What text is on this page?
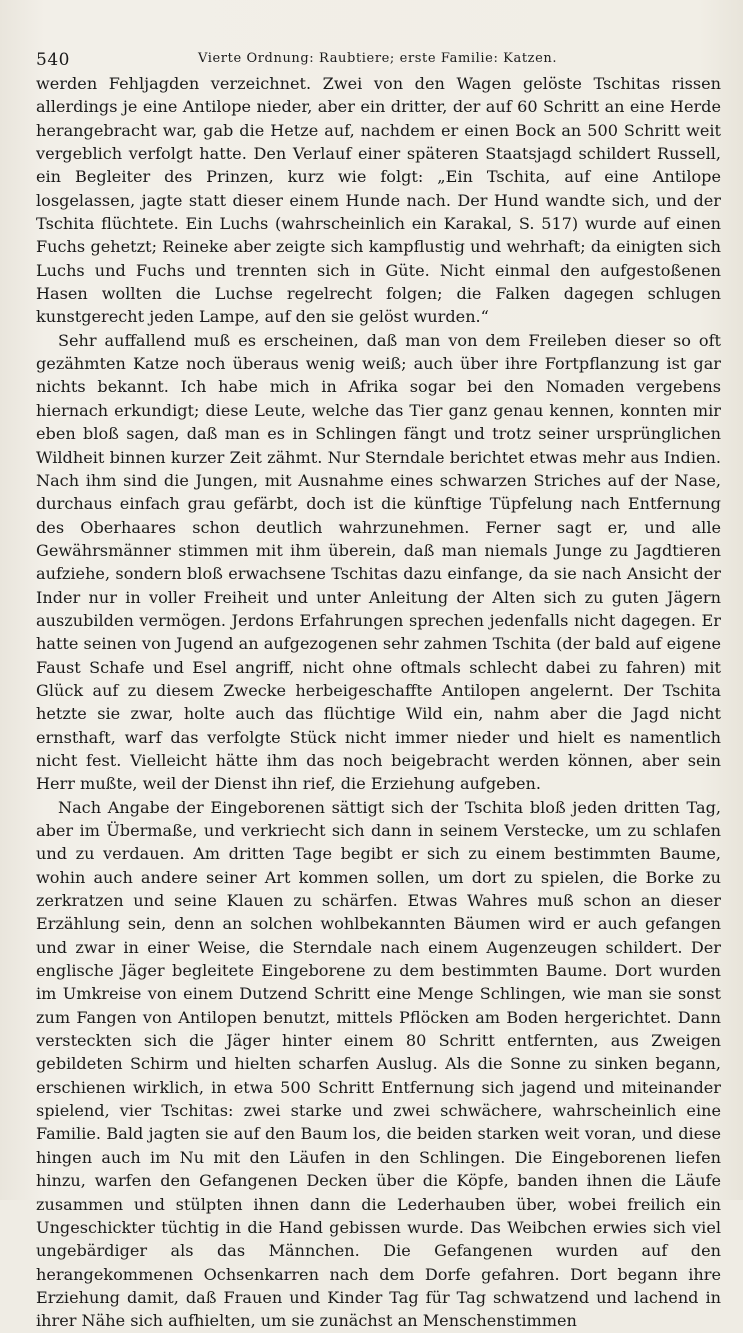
540	Vierte Ordnung: Raubtiere; erste Familie: Katzen.

werden Fehljagden verzeichnet. Zwei von den Wagen gelöste Tschitas rissen allerdings je eine Antilope nieder, aber ein dritter, der auf 60 Schritt an eine Herde herangebracht war, gab die Hetze auf, nachdem er einen Bock an 500 Schritt weit vergeblich verfolgt hatte. Den Verlauf einer späteren Staatsjagd schildert Russell, ein Begleiter des Prinzen, kurz wie folgt: „Ein Tschita, auf eine Antilope losgelassen, jagte statt dieser einem Hunde nach. Der Hund wandte sich, und der Tschita flüchtete. Ein Luchs (wahrscheinlich ein Karakal, S. 517) wurde auf einen Fuchs gehetzt; Reineke aber zeigte sich kampflustig und wehrhaft; da einigten sich Luchs und Fuchs und trennten sich in Güte. Nicht einmal den aufgestoßenen Hasen wollten die Luchse regelrecht folgen; die Falken dagegen schlugen kunstgerecht jeden Lampe, auf den sie gelöst wurden.“

Sehr auffallend muß es erscheinen, daß man von dem Freileben dieser so oft gezähmten Katze noch überaus wenig weiß; auch über ihre Fortpflanzung ist gar nichts bekannt. Ich habe mich in Afrika sogar bei den Nomaden vergebens hiernach erkundigt; diese Leute, welche das Tier ganz genau kennen, konnten mir eben bloß sagen, daß man es in Schlingen fängt und trotz seiner ursprünglichen Wildheit binnen kurzer Zeit zähmt. Nur Sterndale berichtet etwas mehr aus Indien. Nach ihm sind die Jungen, mit Ausnahme eines schwarzen Striches auf der Nase, durchaus einfach grau gefärbt, doch ist die künftige Tüpfelung nach Entfernung des Oberhaares schon deutlich wahrzunehmen. Ferner sagt er, und alle Gewährsmänner stimmen mit ihm überein, daß man niemals Junge zu Jagdtieren aufziehe, sondern bloß erwachsene Tschitas dazu einfange, da sie nach Ansicht der Inder nur in voller Freiheit und unter Anleitung der Alten sich zu guten Jägern auszubilden vermögen. Jerdons Erfahrungen sprechen jedenfalls nicht dagegen. Er hatte seinen von Jugend an aufgezogenen sehr zahmen Tschita (der bald auf eigene Faust Schafe und Esel angriff, nicht ohne oftmals schlecht dabei zu fahren) mit Glück auf zu diesem Zwecke herbeigeschaffte Antilopen angelernt. Der Tschita hetzte sie zwar, holte auch das flüchtige Wild ein, nahm aber die Jagd nicht ernsthaft, warf das verfolgte Stück nicht immer nieder und hielt es namentlich nicht fest. Vielleicht hätte ihm das noch beigebracht werden können, aber sein Herr mußte, weil der Dienst ihn rief, die Erziehung aufgeben.

Nach Angabe der Eingeborenen sättigt sich der Tschita bloß jeden dritten Tag, aber im Übermaße, und verkriecht sich dann in seinem Verstecke, um zu schlafen und zu verdauen. Am dritten Tage begibt er sich zu einem bestimmten Baume, wohin auch andere seiner Art kommen sollen, um dort zu spielen, die Borke zu zerkratzen und seine Klauen zu schärfen. Etwas Wahres muß schon an dieser Erzählung sein, denn an solchen wohlbekannten Bäumen wird er auch gefangen und zwar in einer Weise, die Sterndale nach einem Augenzeugen schildert. Der englische Jäger begleitete Eingeborene zu dem bestimmten Baume. Dort wurden im Umkreise von einem Dutzend Schritt eine Menge Schlingen, wie man sie sonst zum Fangen von Antilopen benutzt, mittels Pflöcken am Boden hergerichtet. Dann versteckten sich die Jäger hinter einem 80 Schritt entfernten, aus Zweigen gebildeten Schirm und hielten scharfen Auslug. Als die Sonne zu sinken begann, erschienen wirklich, in etwa 500 Schritt Entfernung sich jagend und miteinander spielend, vier Tschitas: zwei starke und zwei schwächere, wahrscheinlich eine Familie. Bald jagten sie auf den Baum los, die beiden starken weit voran, und diese hingen auch im Nu mit den Läufen in den Schlingen. Die Eingeborenen liefen hinzu, warfen den Gefangenen Decken über die Köpfe, banden ihnen die Läufe zusammen und stülpten ihnen dann die Lederhauben über, wobei freilich ein Ungeschickter tüchtig in die Hand gebissen wurde. Das Weibchen erwies sich viel ungebärdiger als das Männchen. Die Gefangenen wurden auf den herangekommenen Ochsenkarren nach dem Dorfe gefahren. Dort begann ihre Erziehung damit, daß Frauen und Kinder Tag für Tag schwatzend und lachend in ihrer Nähe sich aufhielten, um sie zunächst an Menschenstimmen
